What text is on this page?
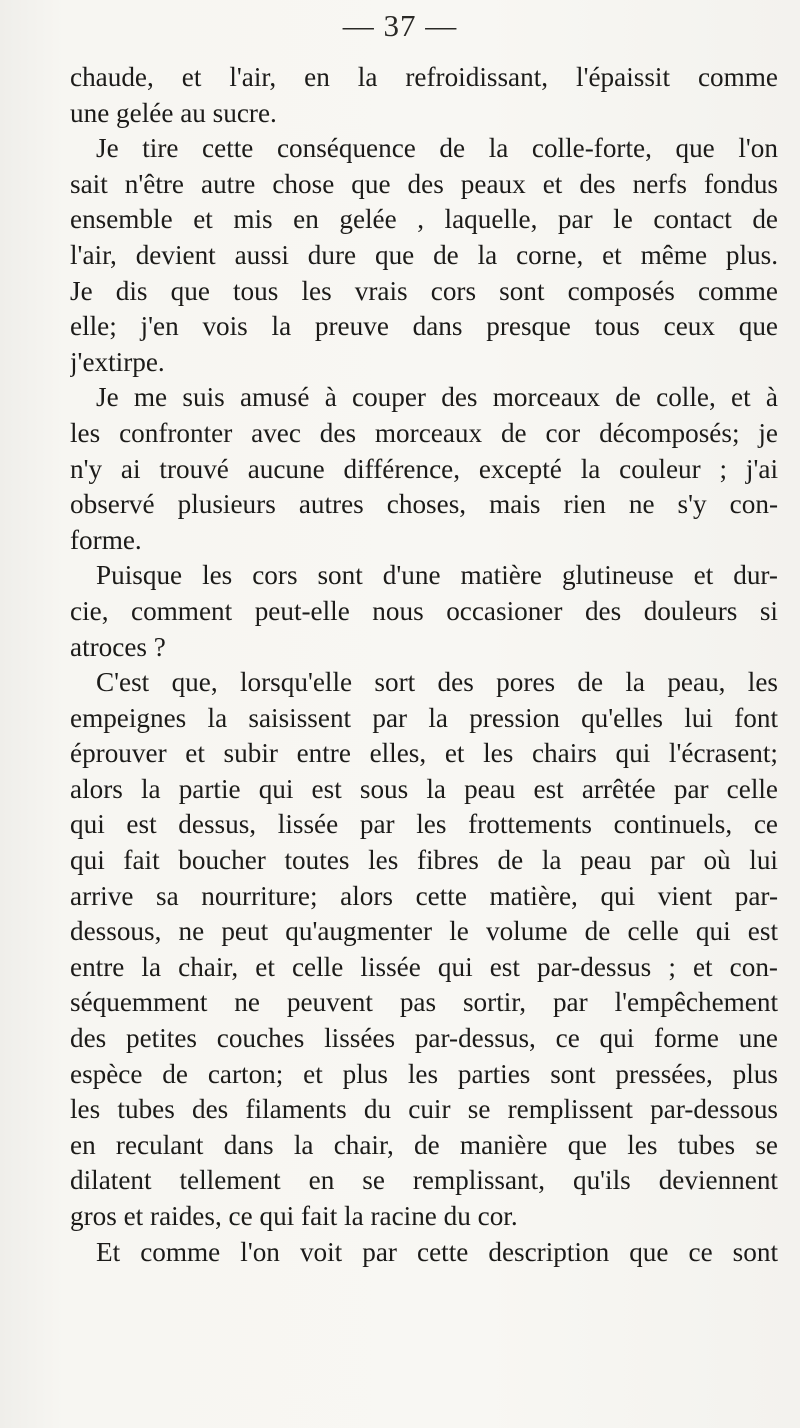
— 37 —
chaude, et l'air, en la refroidissant, l'épaissit comme
une gelée au sucre.
Je tire cette conséquence de la colle-forte, que l'on
sait n'être autre chose que des peaux et des nerfs fondus
ensemble et mis en gelée , laquelle, par le contact de
l'air, devient aussi dure que de la corne, et même plus.
Je dis que tous les vrais cors sont composés comme
elle; j'en vois la preuve dans presque tous ceux que
j'extirpe.
Je me suis amusé à couper des morceaux de colle, et à
les confronter avec des morceaux de cor décomposés; je
n'y ai trouvé aucune différence, excepté la couleur ; j'ai
observé plusieurs autres choses, mais rien ne s'y con-
forme.
Puisque les cors sont d'une matière glutineuse et dur-
cie, comment peut-elle nous occasioner des douleurs si
atroces ?
C'est que, lorsqu'elle sort des pores de la peau, les
empeignes la saisissent par la pression qu'elles lui font
éprouver et subir entre elles, et les chairs qui l'écrasent;
alors la partie qui est sous la peau est arrêtée par celle
qui est dessus, lissée par les frottements continuels, ce
qui fait boucher toutes les fibres de la peau par où lui
arrive sa nourriture; alors cette matière, qui vient par-
dessous, ne peut qu'augmenter le volume de celle qui est
entre la chair, et celle lissée qui est par-dessus ; et con-
séquemment ne peuvent pas sortir, par l'empêchement
des petites couches lissées par-dessus, ce qui forme une
espèce de carton; et plus les parties sont pressées, plus
les tubes des filaments du cuir se remplissent par-dessous
en reculant dans la chair, de manière que les tubes se
dilatent tellement en se remplissant, qu'ils deviennent
gros et raides, ce qui fait la racine du cor.
Et comme l'on voit par cette description que ce sont
